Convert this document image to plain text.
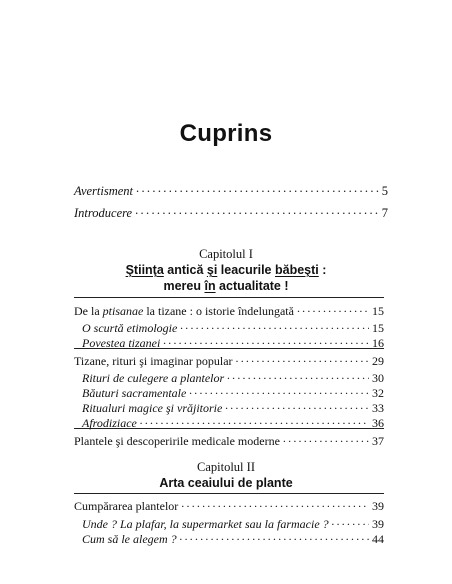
Cuprins
Avertisment . . .	5
Introducere . . .	7
Capitolul I
Ştiinţa antică şi leacurile băbeşti :
mereu în actualitate !
De la ptisanae la tizane : o istorie îndelungată . . .	15
O scurtă etimologie . . .	15
Povestea tizanei . . .	16
Tizane, rituri şi imaginar popular . . .	29
Rituri de culegere a plantelor . . .	30
Băuturi sacramentale . . .	32
Ritualuri magice şi vrăjitorie . . .	33
Afrodiziace . . .	36
Plantele şi descoperirile medicale moderne . . .	37
Capitolul II
Arta ceaiului de plante
Cumpărarea plantelor . . .	39
Unde ? La plafar, la supermarket sau la farmacie ? . . .	39
Cum să le alegem ? . . .	44
